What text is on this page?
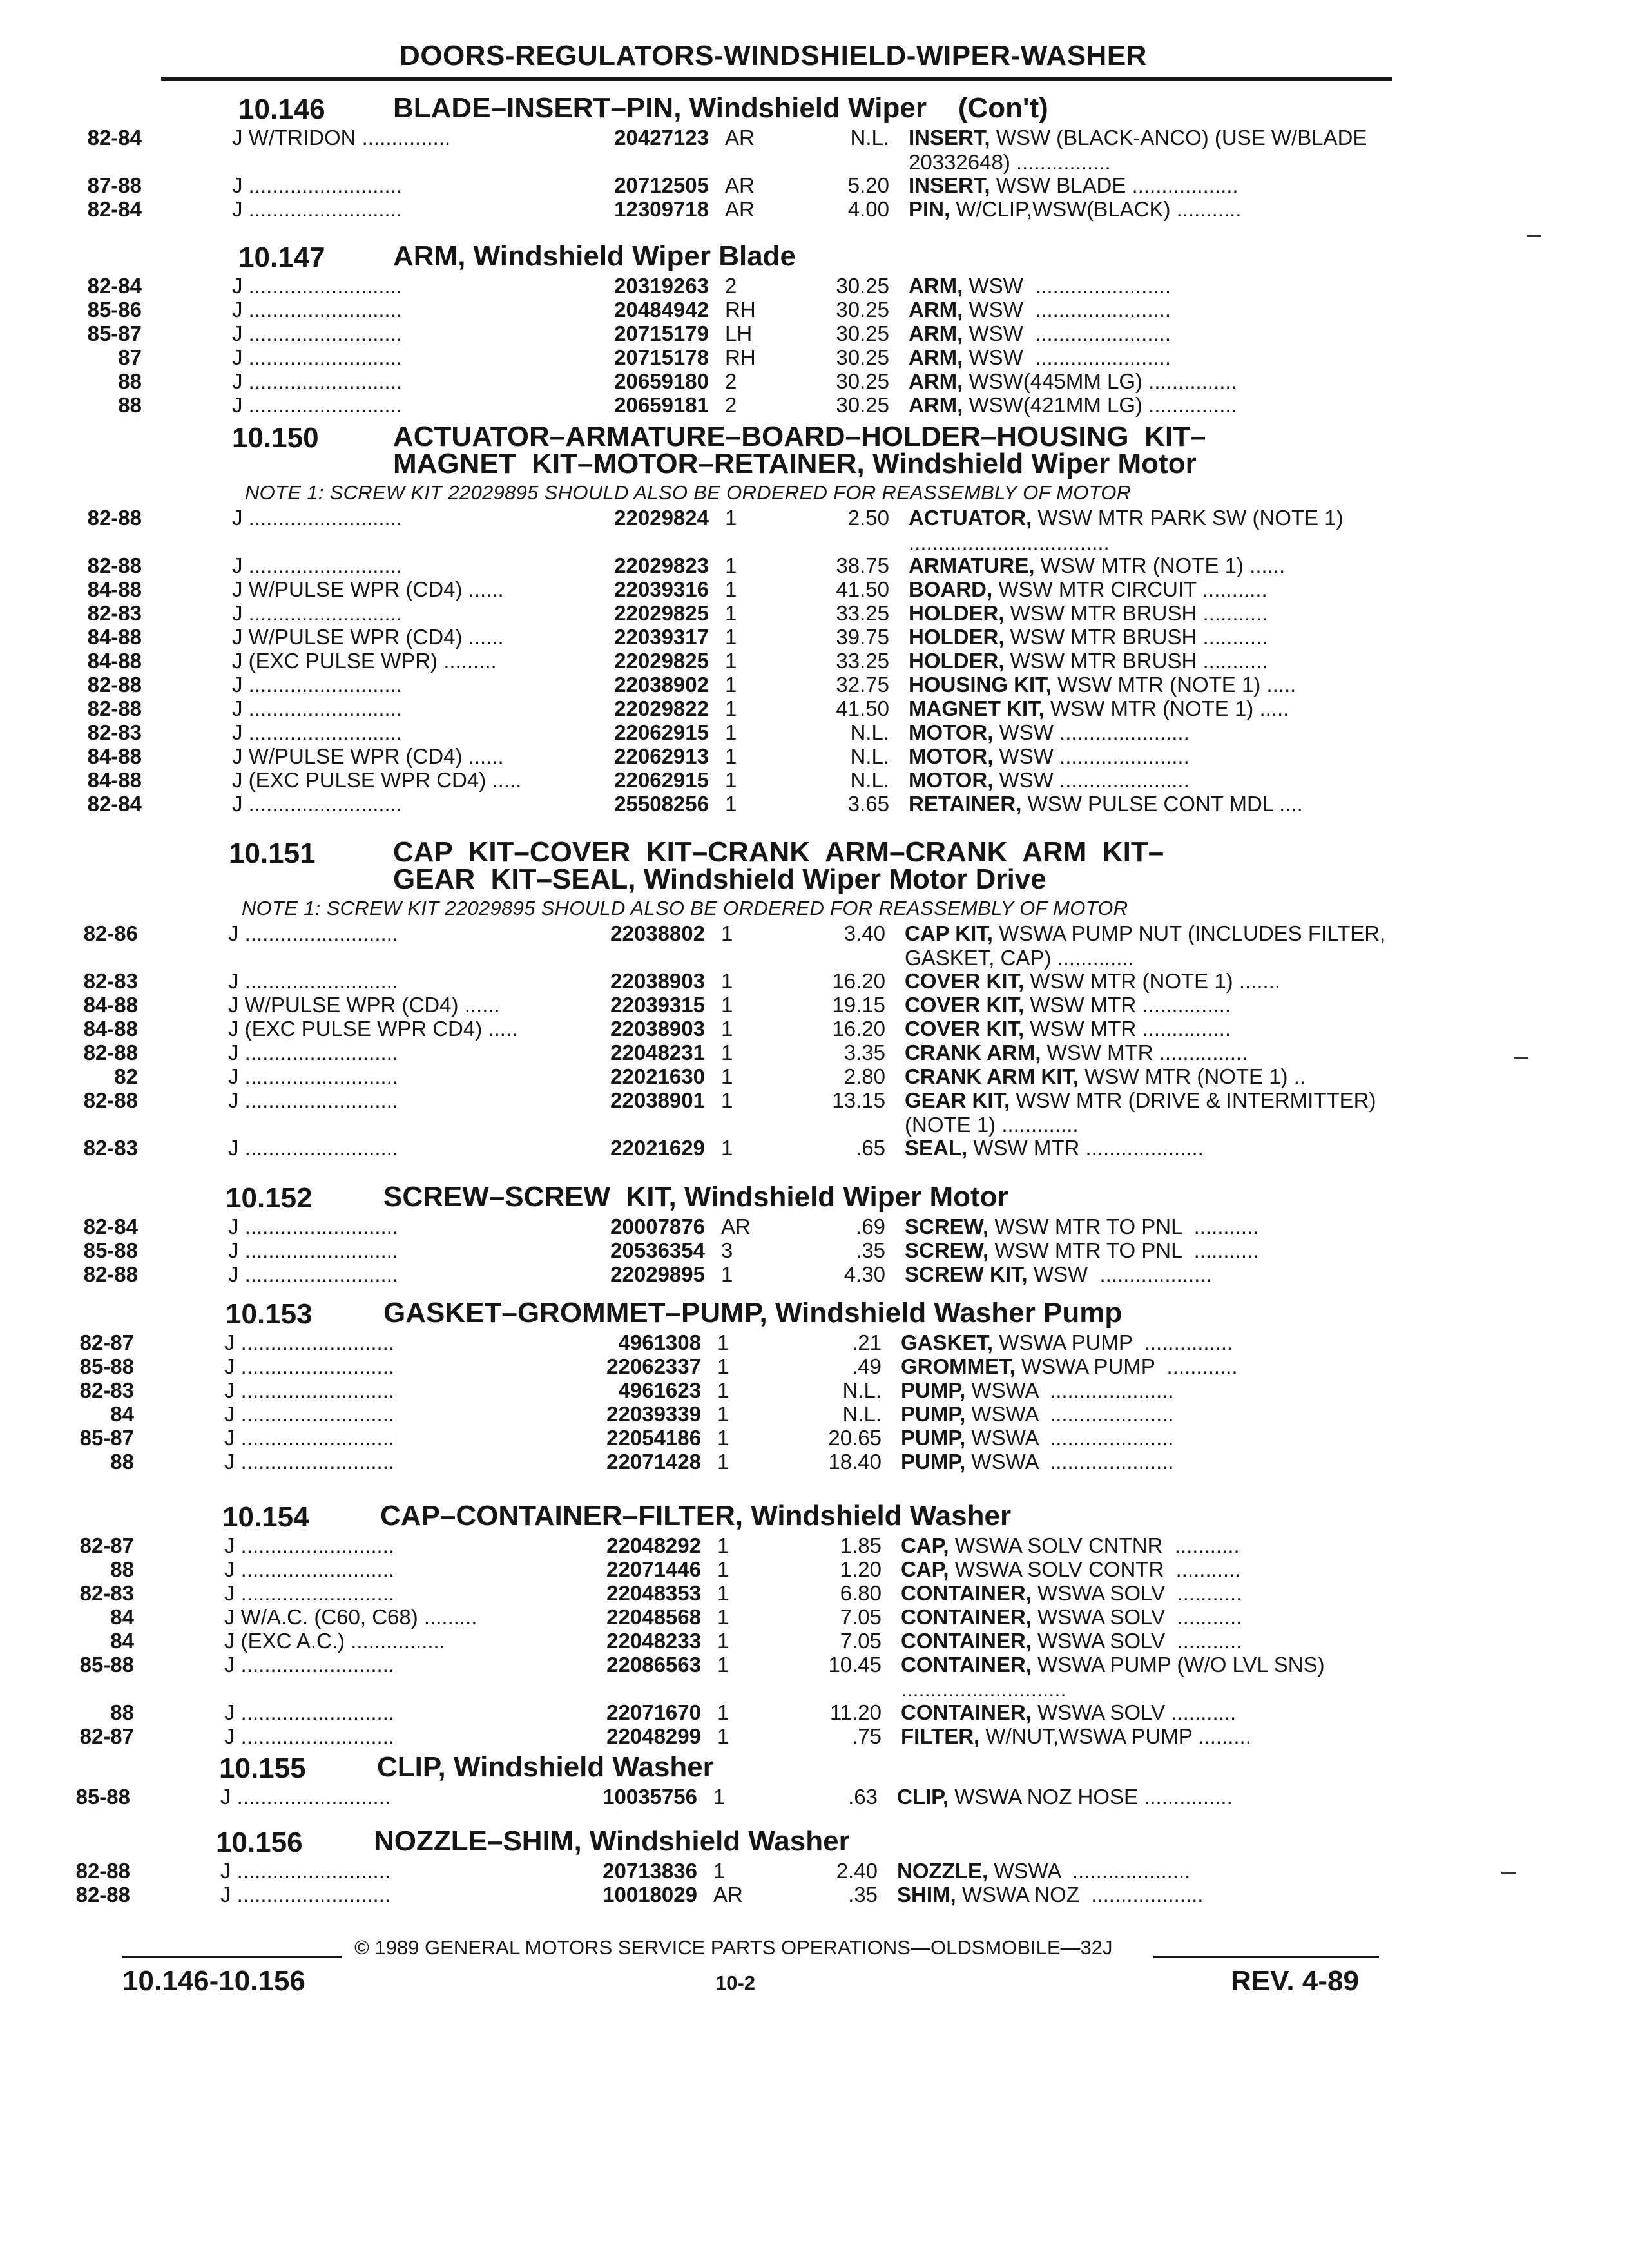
DOORS-REGULATORS-WINDSHIELD-WIPER-WASHER
10.146 BLADE–INSERT–PIN, Windshield Wiper    (Con't)
82-84	J W/TRIDON ...............	20427123 AR	N.L. INSERT, WSW (BLACK-ANCO) (USE W/BLADE 20332648) ................
87-88	J ..........................	20712505 AR	5.20 INSERT, WSW BLADE ..................
82-84	J ..........................	12309718 AR	4.00 PIN, W/CLIP,WSW(BLACK) ...........
10.147 ARM, Windshield Wiper Blade
82-84	J ..........................	20319263 2	30.25 ARM, WSW  .......................
85-86	J ..........................	20484942 RH	30.25 ARM, WSW  .......................
85-87	J ..........................	20715179 LH	30.25 ARM, WSW  .......................
87	J ..........................	20715178 RH	30.25 ARM, WSW  .......................
88	J ..........................	20659180 2	30.25 ARM, WSW(445MM LG) ...............
88	J ..........................	20659181 2	30.25 ARM, WSW(421MM LG) ...............
10.150	ACTUATOR–ARMATURE–BOARD–HOLDER–HOUSING  KIT–
MAGNET  KIT–MOTOR–RETAINER, Windshield Wiper Motor
NOTE 1: SCREW KIT 22029895 SHOULD ALSO BE ORDERED FOR REASSEMBLY OF MOTOR
82-88	J ..........................	22029824 1	2.50 ACTUATOR, WSW MTR PARK SW (NOTE 1) ..................................
82-88	J ..........................	22029823 1	38.75 ARMATURE, WSW MTR (NOTE 1) ......
84-88	J W/PULSE WPR (CD4) ......	22039316 1	41.50 BOARD, WSW MTR CIRCUIT ...........
82-83	J ..........................	22029825 1	33.25 HOLDER, WSW MTR BRUSH ...........
84-88	J W/PULSE WPR (CD4) ......	22039317 1	39.75 HOLDER, WSW MTR BRUSH ...........
84-88	J (EXC PULSE WPR) .........	22029825 1	33.25 HOLDER, WSW MTR BRUSH ...........
82-88	J ..........................	22038902 1	32.75 HOUSING KIT, WSW MTR (NOTE 1) .....
82-88	J ..........................	22029822 1	41.50 MAGNET KIT, WSW MTR (NOTE 1) .....
82-83	J ..........................	22062915 1	N.L. MOTOR, WSW ......................
84-88	J W/PULSE WPR (CD4) ......	22062913 1	N.L. MOTOR, WSW ......................
84-88	J (EXC PULSE WPR CD4) .....	22062915 1	N.L. MOTOR, WSW ......................
82-84	J ..........................	25508256 1	3.65 RETAINER, WSW PULSE CONT MDL ....
10.151	CAP  KIT–COVER  KIT–CRANK  ARM–CRANK  ARM  KIT–
GEAR  KIT–SEAL, Windshield Wiper Motor Drive
NOTE 1: SCREW KIT 22029895 SHOULD ALSO BE ORDERED FOR REASSEMBLY OF MOTOR
82-86	J ..........................	22038802 1	3.40 CAP KIT, WSWA PUMP NUT (INCLUDES FILTER, GASKET, CAP) .............
82-83	J ..........................	22038903 1	16.20 COVER KIT, WSW MTR (NOTE 1) .......
84-88	J W/PULSE WPR (CD4) ......	22039315 1	19.15 COVER KIT, WSW MTR ...............
84-88	J (EXC PULSE WPR CD4) .....	22038903 1	16.20 COVER KIT, WSW MTR ...............
82-88	J ..........................	22048231 1	3.35 CRANK ARM, WSW MTR ...............
82	J ..........................	22021630 1	2.80 CRANK ARM KIT, WSW MTR (NOTE 1) ..
82-88	J ..........................	22038901 1	13.15 GEAR KIT, WSW MTR (DRIVE & INTERMITTER) (NOTE 1) .............
82-83	J ..........................	22021629 1	.65 SEAL, WSW MTR ....................
10.152	SCREW–SCREW  KIT, Windshield Wiper Motor
82-84	J ..........................	20007876 AR	.69 SCREW, WSW MTR TO PNL  ...........
85-88	J ..........................	20536354 3	.35 SCREW, WSW MTR TO PNL  ...........
82-88	J ..........................	22029895 1	4.30 SCREW KIT, WSW  ...................
10.153	GASKET–GROMMET–PUMP, Windshield Washer Pump
82-87	J ..........................	4961308 1	.21 GASKET, WSWA PUMP  ...............
85-88	J ..........................	22062337 1	.49 GROMMET, WSWA PUMP  ............
82-83	J ..........................	4961623 1	N.L. PUMP, WSWA  .....................
84	J ..........................	22039339 1	N.L. PUMP, WSWA  .....................
85-87	J ..........................	22054186 1	20.65 PUMP, WSWA  .....................
88	J ..........................	22071428 1	18.40 PUMP, WSWA  .....................
10.154	CAP–CONTAINER–FILTER, Windshield Washer
82-87	J ..........................	22048292 1	1.85 CAP, WSWA SOLV CNTNR  ...........
88	J ..........................	22071446 1	1.20 CAP, WSWA SOLV CONTR  ...........
82-83	J ..........................	22048353 1	6.80 CONTAINER, WSWA SOLV  ...........
84	J W/A.C. (C60, C68) .........	22048568 1	7.05 CONTAINER, WSWA SOLV  ...........
84	J (EXC A.C.) ................	22048233 1	7.05 CONTAINER, WSWA SOLV  ...........
85-88	J ..........................	22086563 1	10.45 CONTAINER, WSWA PUMP (W/O LVL SNS)  ............................
88	J ..........................	22071670 1	11.20 CONTAINER, WSWA SOLV ...........
82-87	J ..........................	22048299 1	.75 FILTER, W/NUT,WSWA PUMP .........
10.155	CLIP, Windshield Washer
85-88	J ..........................	10035756 1	.63 CLIP, WSWA NOZ HOSE ...............
10.156	NOZZLE–SHIM, Windshield Washer
82-88	J ..........................	20713836 1	2.40 NOZZLE, WSWA  ....................
82-88	J ..........................	10018029 AR	.35 SHIM, WSWA NOZ  ...................
© 1989 GENERAL MOTORS SERVICE PARTS OPERATIONS—OLDSMOBILE—32J
10.146-10.156	10-2	REV. 4-89
